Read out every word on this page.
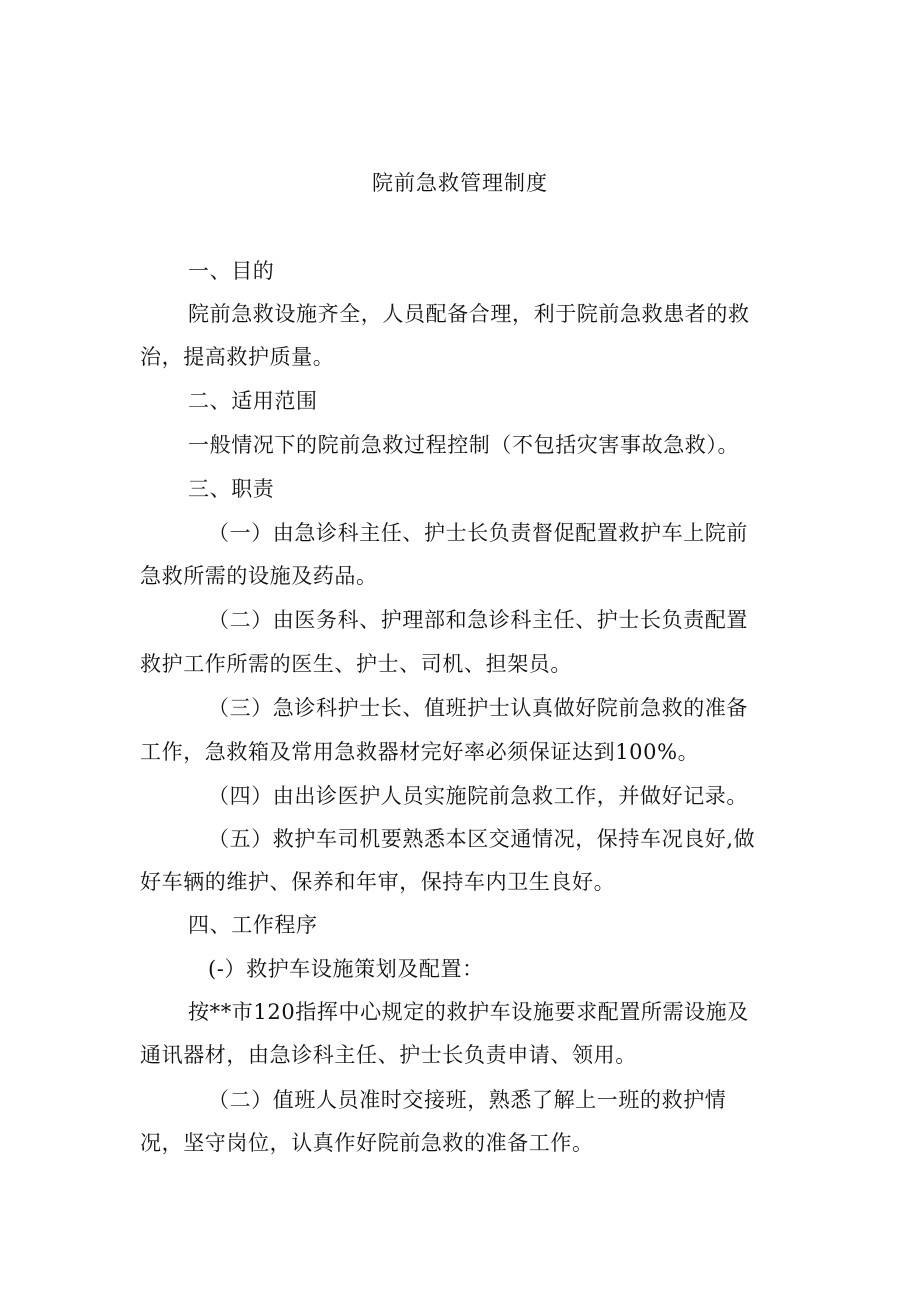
院前急救管理制度
一、目的
院前急救设施齐全，人员配备合理，利于院前急救患者的救
治，提高救护质量。
二、适用范围
一般情况下的院前急救过程控制（不包括灾害事故急救）。
三、职责
（一）由急诊科主任、护士长负责督促配置救护车上院前
急救所需的设施及药品。
（二）由医务科、护理部和急诊科主任、护士长负责配置
救护工作所需的医生、护士、司机、担架员。
（三）急诊科护士长、值班护士认真做好院前急救的准备
工作，急救箱及常用急救器材完好率必须保证达到100%。
（四）由出诊医护人员实施院前急救工作，并做好记录。
（五）救护车司机要熟悉本区交通情况，保持车况良好,做
好车辆的维护、保养和年审，保持车内卫生良好。
四、工作程序
(-）救护车设施策划及配置：
按**市120指挥中心规定的救护车设施要求配置所需设施及
通讯器材，由急诊科主任、护士长负责申请、领用。
（二）值班人员准时交接班，熟悉了解上一班的救护情
况，坚守岗位，认真作好院前急救的准备工作。
